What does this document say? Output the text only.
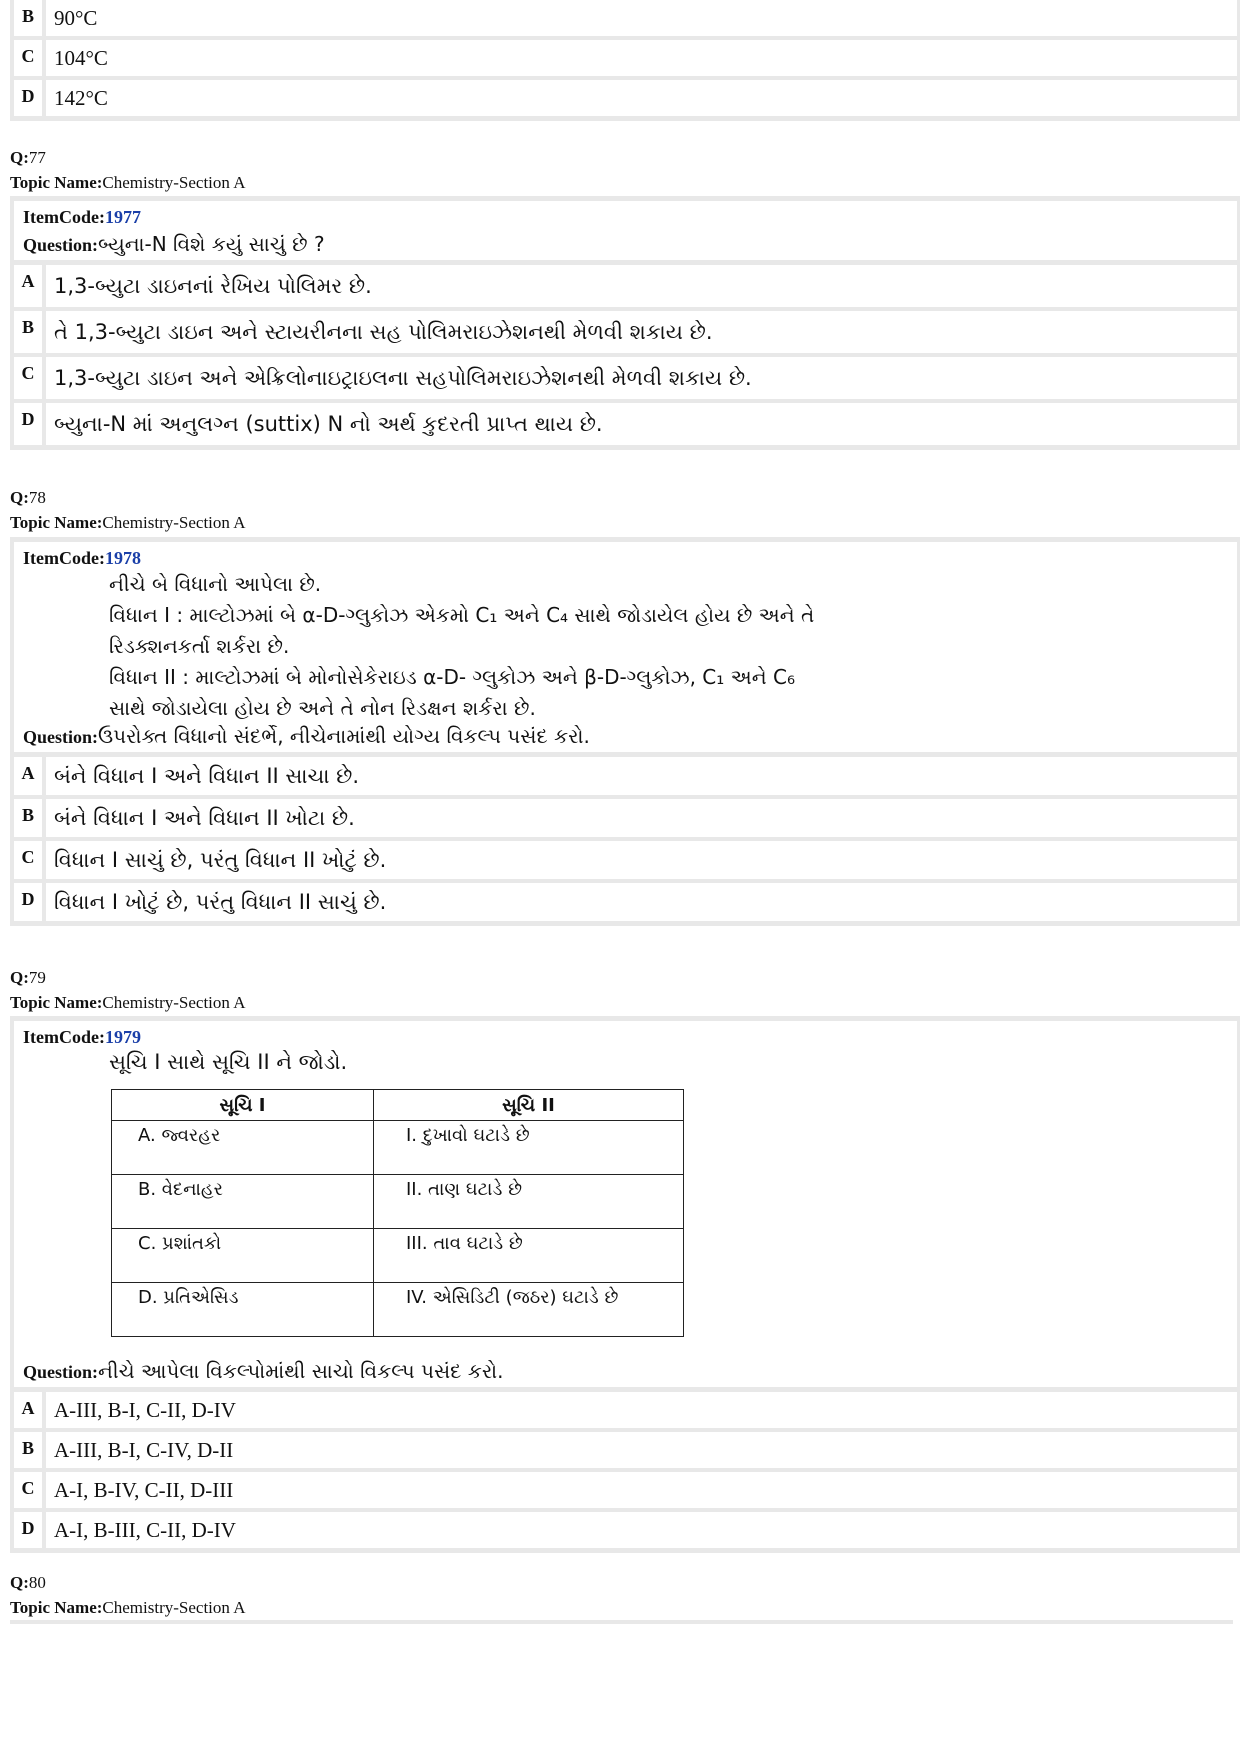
B 90°C
C 104°C
D 142°C
Q:77
Topic Name:Chemistry-Section A
ItemCode:1977
Question:બ્યુના-N વિશે કયું સાચું છે ?
A 1,3-બ્યુટા ડાઇનનાં રેખિય પોલિમર છે.
B તે 1,3-બ્યુટા ડાઇન અને સ્ટાયરીનના સહ પોલિમરાઇઝેશનથી મેળવી શકાય છે.
C 1,3-બ્યુટા ડાઇન અને એક્રિલોનાઇટ્રાઇલના સહપોલિમરાઇઝેશનથી મેળવી શકાય છે.
D બ્યુના-N માં અનુલગ્ન (suttix) N નો અર્થ કુદરતી પ્રાપ્ત થાય છે.
Q:78
Topic Name:Chemistry-Section A
ItemCode:1978
નીચે બે વિધાનો આપેલા છે.
વિધાન I : માલ્ટોઝમાં બે α-D-ગ્લુકોઝ એકમો C₁ અને C₄ સાથે જોડાયેલ હોય છે અને તે
રિડક્શનકર્તા શર્કરા છે.
વિધાન II : માલ્ટોઝમાં બે મોનોસેકેરાઇડ α-D- ગ્લુકોઝ અને β-D-ગ્લુકોઝ, C₁ અને C₆
સાથે જોડાયેલા હોય છે અને તે નોન રિડક્ષન શર્કરા છે.
Question:ઉપરોક્ત વિધાનો સંદર્ભે, નીચેનામાંથી યોગ્ય વિકલ્પ પસંદ કરો.
A બંને વિધાન I અને વિધાન II સાચા છે.
B બંને વિધાન I અને વિધાન II ખોટા છે.
C વિધાન I સાચું છે, પરંતુ વિધાન II ખોટું છે.
D વિધાન I ખોટું છે, પરંતુ વિધાન II સાચું છે.
Q:79
Topic Name:Chemistry-Section A
ItemCode:1979
સૂચિ I સાથે સૂચિ II ને જોડો.
સૂચિ I	સૂચિ II
A. જ્વરહર	I. દુખાવો ઘટાડે છે
B. વેદનાહર	II. તાણ ઘટાડે છે
C. પ્રશાંતકો	III. તાવ ઘટાડે છે
D. પ્રતિએસિડ	IV. એસિડિટી (જઠર) ઘટાડે છે
Question:નીચે આપેલા વિકલ્પોમાંથી સાચો વિકલ્પ પસંદ કરો.
A A-III, B-I, C-II, D-IV
B A-III, B-I, C-IV, D-II
C A-I, B-IV, C-II, D-III
D A-I, B-III, C-II, D-IV
Q:80
Topic Name:Chemistry-Section A
